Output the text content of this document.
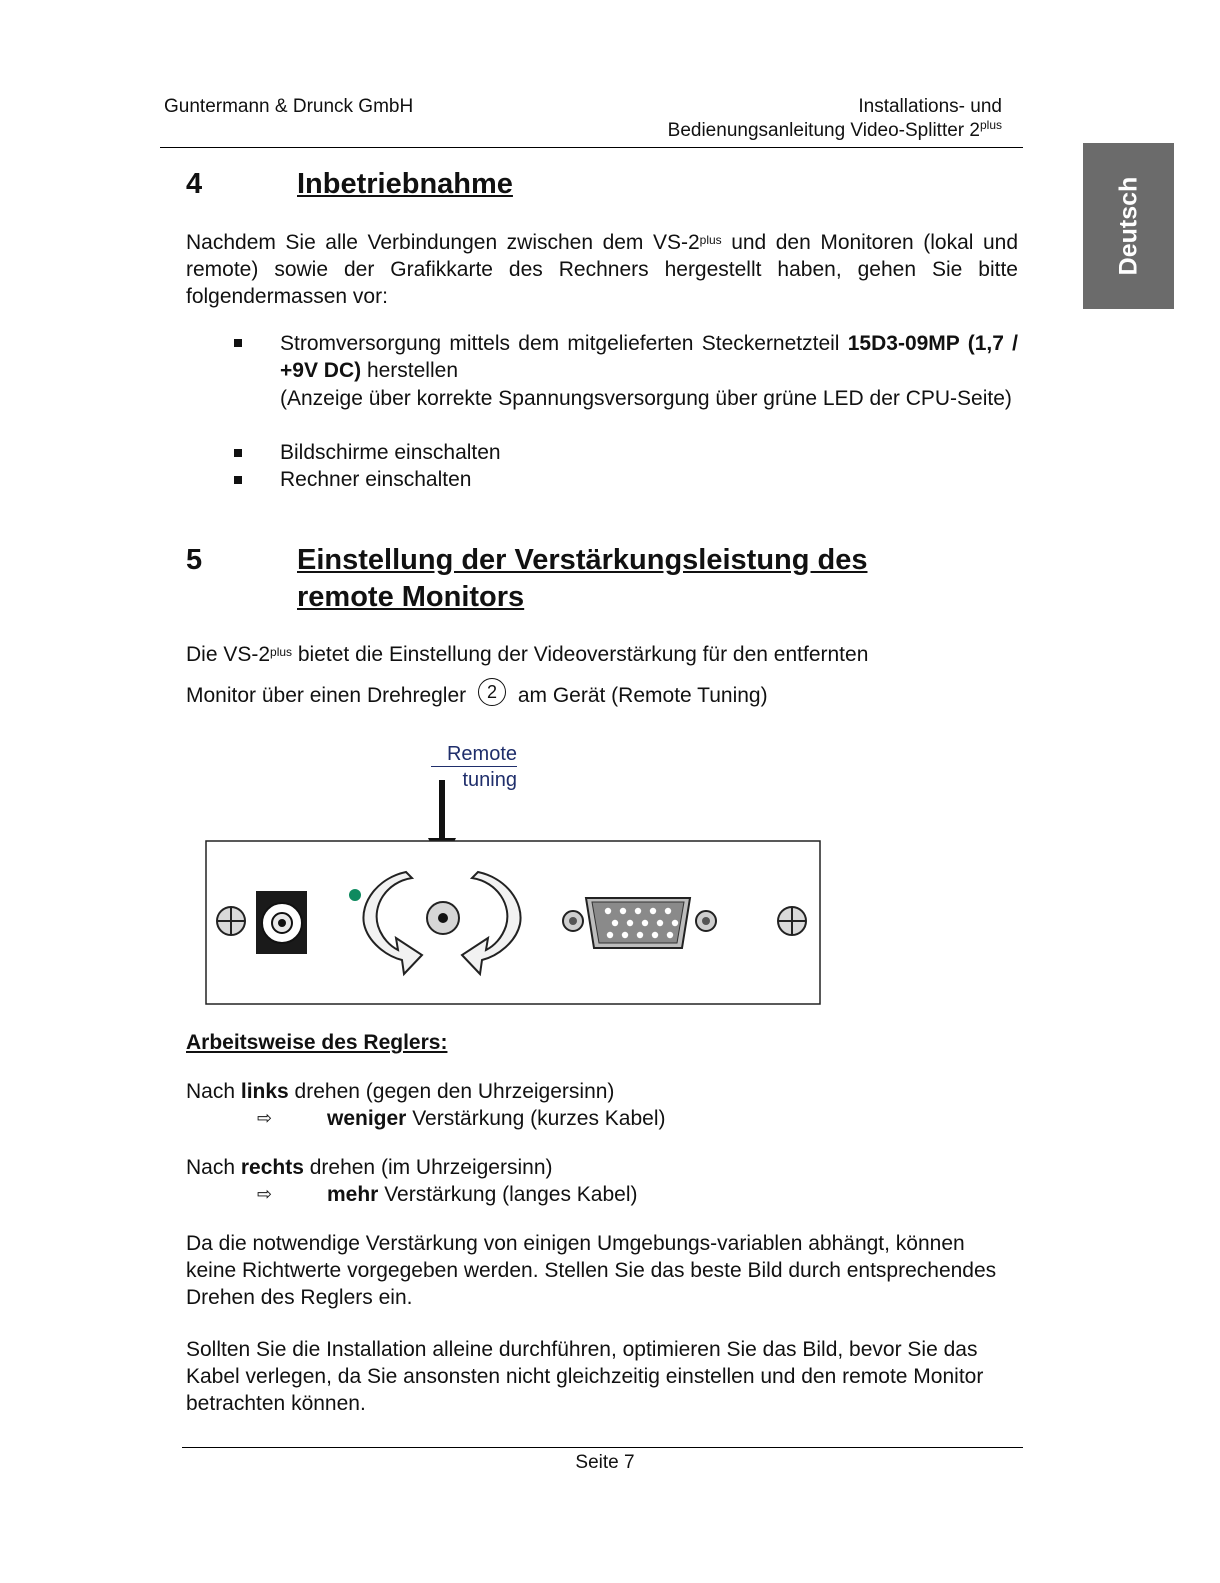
Guntermann & Drunck GmbH	Installations- und
Bedienungsanleitung Video-Splitter $2^{plus}$
Deutsch
4	Inbetriebnahme
Nachdem Sie alle Verbindungen zwischen dem $VS-2^{plus}$ und den Monitoren (lokal und remote) sowie der Grafikkarte des Rechners hergestellt haben, gehen Sie bitte folgendermassen vor:
Stromversorgung mittels dem mitgelieferten Steckernetzteil 15D3-09MP (1,7 / +9V DC) herstellen
(Anzeige über korrekte Spannungsversorgung über grüne LED der CPU-Seite)
Bildschirme einschalten
Rechner einschalten
5	Einstellung der Verstärkungsleistung des
remote Monitors
Die $VS-2^{plus}$ bietet die Einstellung der Videoverstärkung für den entfernten
Monitor über einen Drehregler 2 am Gerät (Remote Tuning)
Remote
tuning
Arbeitsweise des Reglers:
Nach links drehen (gegen den Uhrzeigersinn)
⇨	weniger Verstärkung (kurzes Kabel)
Nach rechts drehen (im Uhrzeigersinn)
⇨	mehr Verstärkung (langes Kabel)
Da die notwendige Verstärkung von einigen Umgebungs-variablen abhängt, können keine Richtwerte vorgegeben werden. Stellen Sie das beste Bild durch entsprechendes Drehen des Reglers ein.
Sollten Sie die Installation alleine durchführen, optimieren Sie das Bild, bevor Sie das Kabel verlegen, da Sie ansonsten nicht gleichzeitig einstellen und den remote Monitor betrachten können.
Seite 7
